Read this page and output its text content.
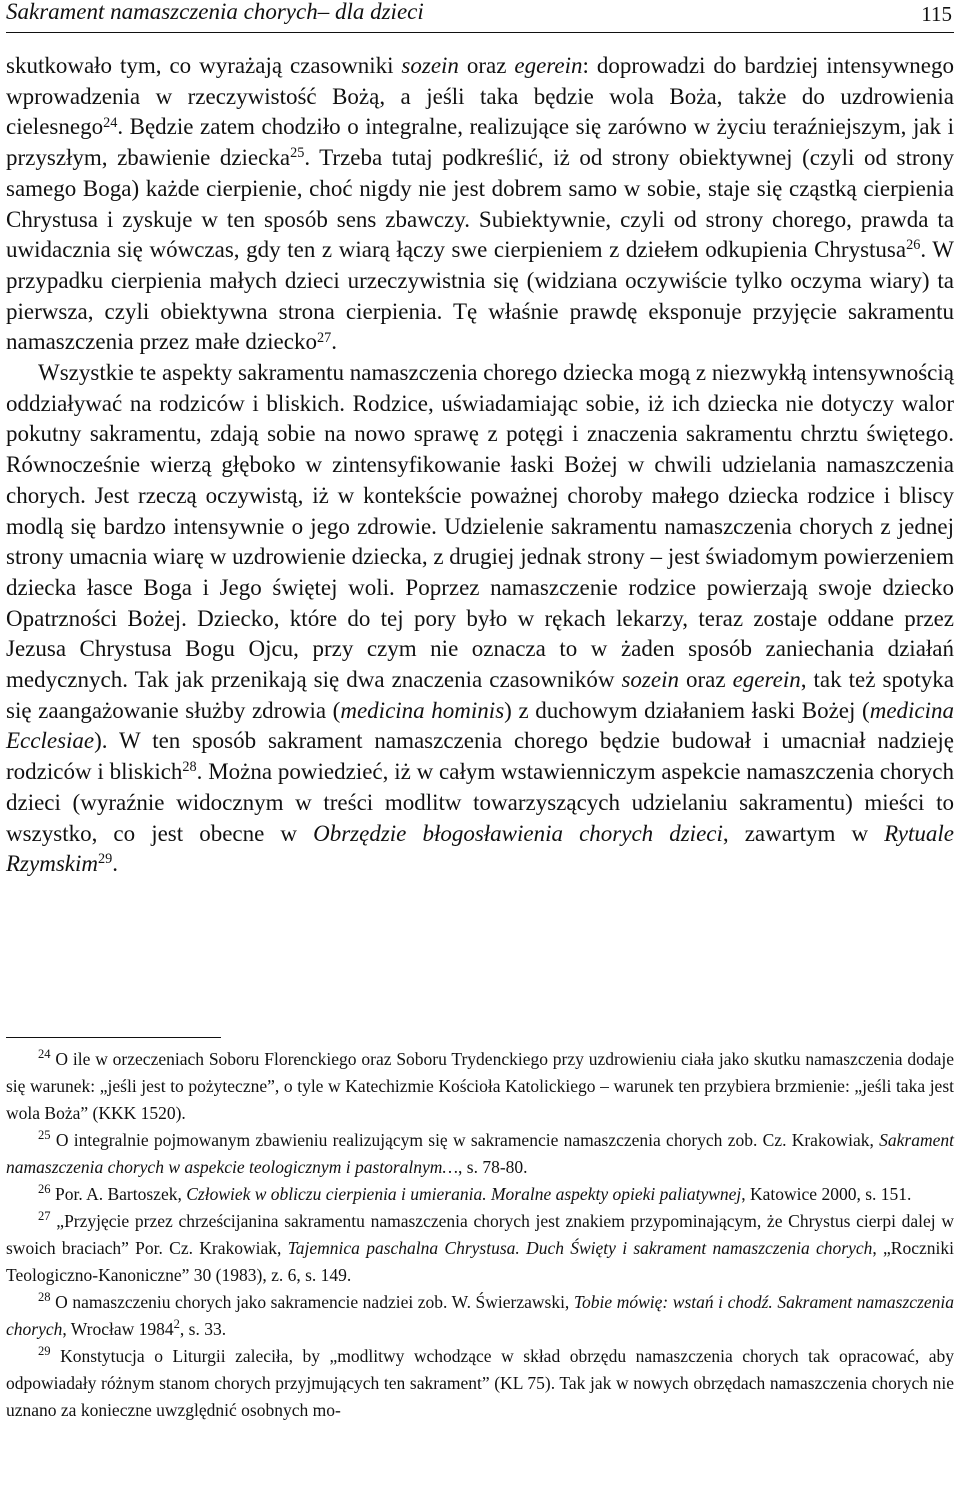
Sakrament namaszczenia chorych– dla dzieci	115

skutkowało tym, co wyrażają czasowniki sozein oraz egerein: doprowadzi do bardziej intensywnego wprowadzenia w rzeczywistość Bożą, a jeśli taka będzie wola Boża, także do uzdrowienia cielesnego$^{24}$. Będzie zatem chodziło o integralne, realizujące się zarówno w życiu teraźniejszym, jak i przyszłym, zbawienie dziecka$^{25}$. Trzeba tutaj podkreślić, iż od strony obiektywnej (czyli od strony samego Boga) każde cierpienie, choć nigdy nie jest dobrem samo w sobie, staje się cząstką cierpienia Chrystusa i zyskuje w ten sposób sens zbawczy. Subiektywnie, czyli od strony chorego, prawda ta uwidacznia się wówczas, gdy ten z wiarą łączy swe cierpieniem z dziełem odkupienia Chrystusa$^{26}$. W przypadku cierpienia małych dzieci urzeczywistnia się (widziana oczywiście tylko oczyma wiary) ta pierwsza, czyli obiektywna strona cierpienia. Tę właśnie prawdę eksponuje przyjęcie sakramentu namaszczenia przez małe dziecko$^{27}$.

Wszystkie te aspekty sakramentu namaszczenia chorego dziecka mogą z niezwykłą intensywnością oddziaływać na rodziców i bliskich. Rodzice, uświadamiając sobie, iż ich dziecka nie dotyczy walor pokutny sakramentu, zdają sobie na nowo sprawę z potęgi i znaczenia sakramentu chrztu świętego. Równocześnie wierzą głęboko w zintensyfikowanie łaski Bożej w chwili udzielania namaszczenia chorych. Jest rzeczą oczywistą, iż w kontekście poważnej choroby małego dziecka rodzice i bliscy modlą się bardzo intensywnie o jego zdrowie. Udzielenie sakramentu namaszczenia chorych z jednej strony umacnia wiarę w uzdrowienie dziecka, z drugiej jednak strony – jest świadomym powierzeniem dziecka łasce Boga i Jego świętej woli. Poprzez namaszczenie rodzice powierzają swoje dziecko Opatrzności Bożej. Dziecko, które do tej pory było w rękach lekarzy, teraz zostaje oddane przez Jezusa Chrystusa Bogu Ojcu, przy czym nie oznacza to w żaden sposób zaniechania działań medycznych. Tak jak przenikają się dwa znaczenia czasowników sozein oraz egerein, tak też spotyka się zaangażowanie służby zdrowia (medicina hominis) z duchowym działaniem łaski Bożej (medicina Ecclesiae). W ten sposób sakrament namaszczenia chorego będzie budował i umacniał nadzieję rodziców i bliskich$^{28}$. Można powiedzieć, iż w całym wstawienniczym aspekcie namaszczenia chorych dzieci (wyraźnie widocznym w treści modlitw towarzyszących udzielaniu sakramentu) mieści to wszystko, co jest obecne w Obrzędzie błogosławienia chorych dzieci, zawartym w Rytuale Rzymskim$^{29}$.

$^{24}$ O ile w orzeczeniach Soboru Florenckiego oraz Soboru Trydenckiego przy uzdrowieniu ciała jako skutku namaszczenia dodaje się warunek: „jeśli jest to pożyteczne”, o tyle w Katechizmie Kościoła Katolickiego – warunek ten przybiera brzmienie: „jeśli taka jest wola Boża” (KKK 1520).

$^{25}$ O integralnie pojmowanym zbawieniu realizującym się w sakramencie namaszczenia chorych zob. Cz. Krakowiak, Sakrament namaszczenia chorych w aspekcie teologicznym i pastoralnym…, s. 78-80.

$^{26}$ Por. A. Bartoszek, Człowiek w obliczu cierpienia i umierania. Moralne aspekty opieki paliatywnej, Katowice 2000, s. 151.

$^{27}$ „Przyjęcie przez chrześcijanina sakramentu namaszczenia chorych jest znakiem przypominającym, że Chrystus cierpi dalej w swoich braciach” Por. Cz. Krakowiak, Tajemnica paschalna Chrystusa. Duch Święty i sakrament namaszczenia chorych, „Roczniki Teologiczno-Kanoniczne” 30 (1983), z. 6, s. 149.

$^{28}$ O namaszczeniu chorych jako sakramencie nadziei zob. W. Świerzawski, Tobie mówię: wstań i chodź. Sakrament namaszczenia chorych, Wrocław 1984$^2$, s. 33.

$^{29}$ Konstytucja o Liturgii zaleciła, by „modlitwy wchodzące w skład obrzędu namaszczenia chorych tak opracować, aby odpowiadały różnym stanom chorych przyjmujących ten sakrament” (KL 75). Tak jak w nowych obrzędach namaszczenia chorych nie uznano za konieczne uwzględnić osobnych mo-
